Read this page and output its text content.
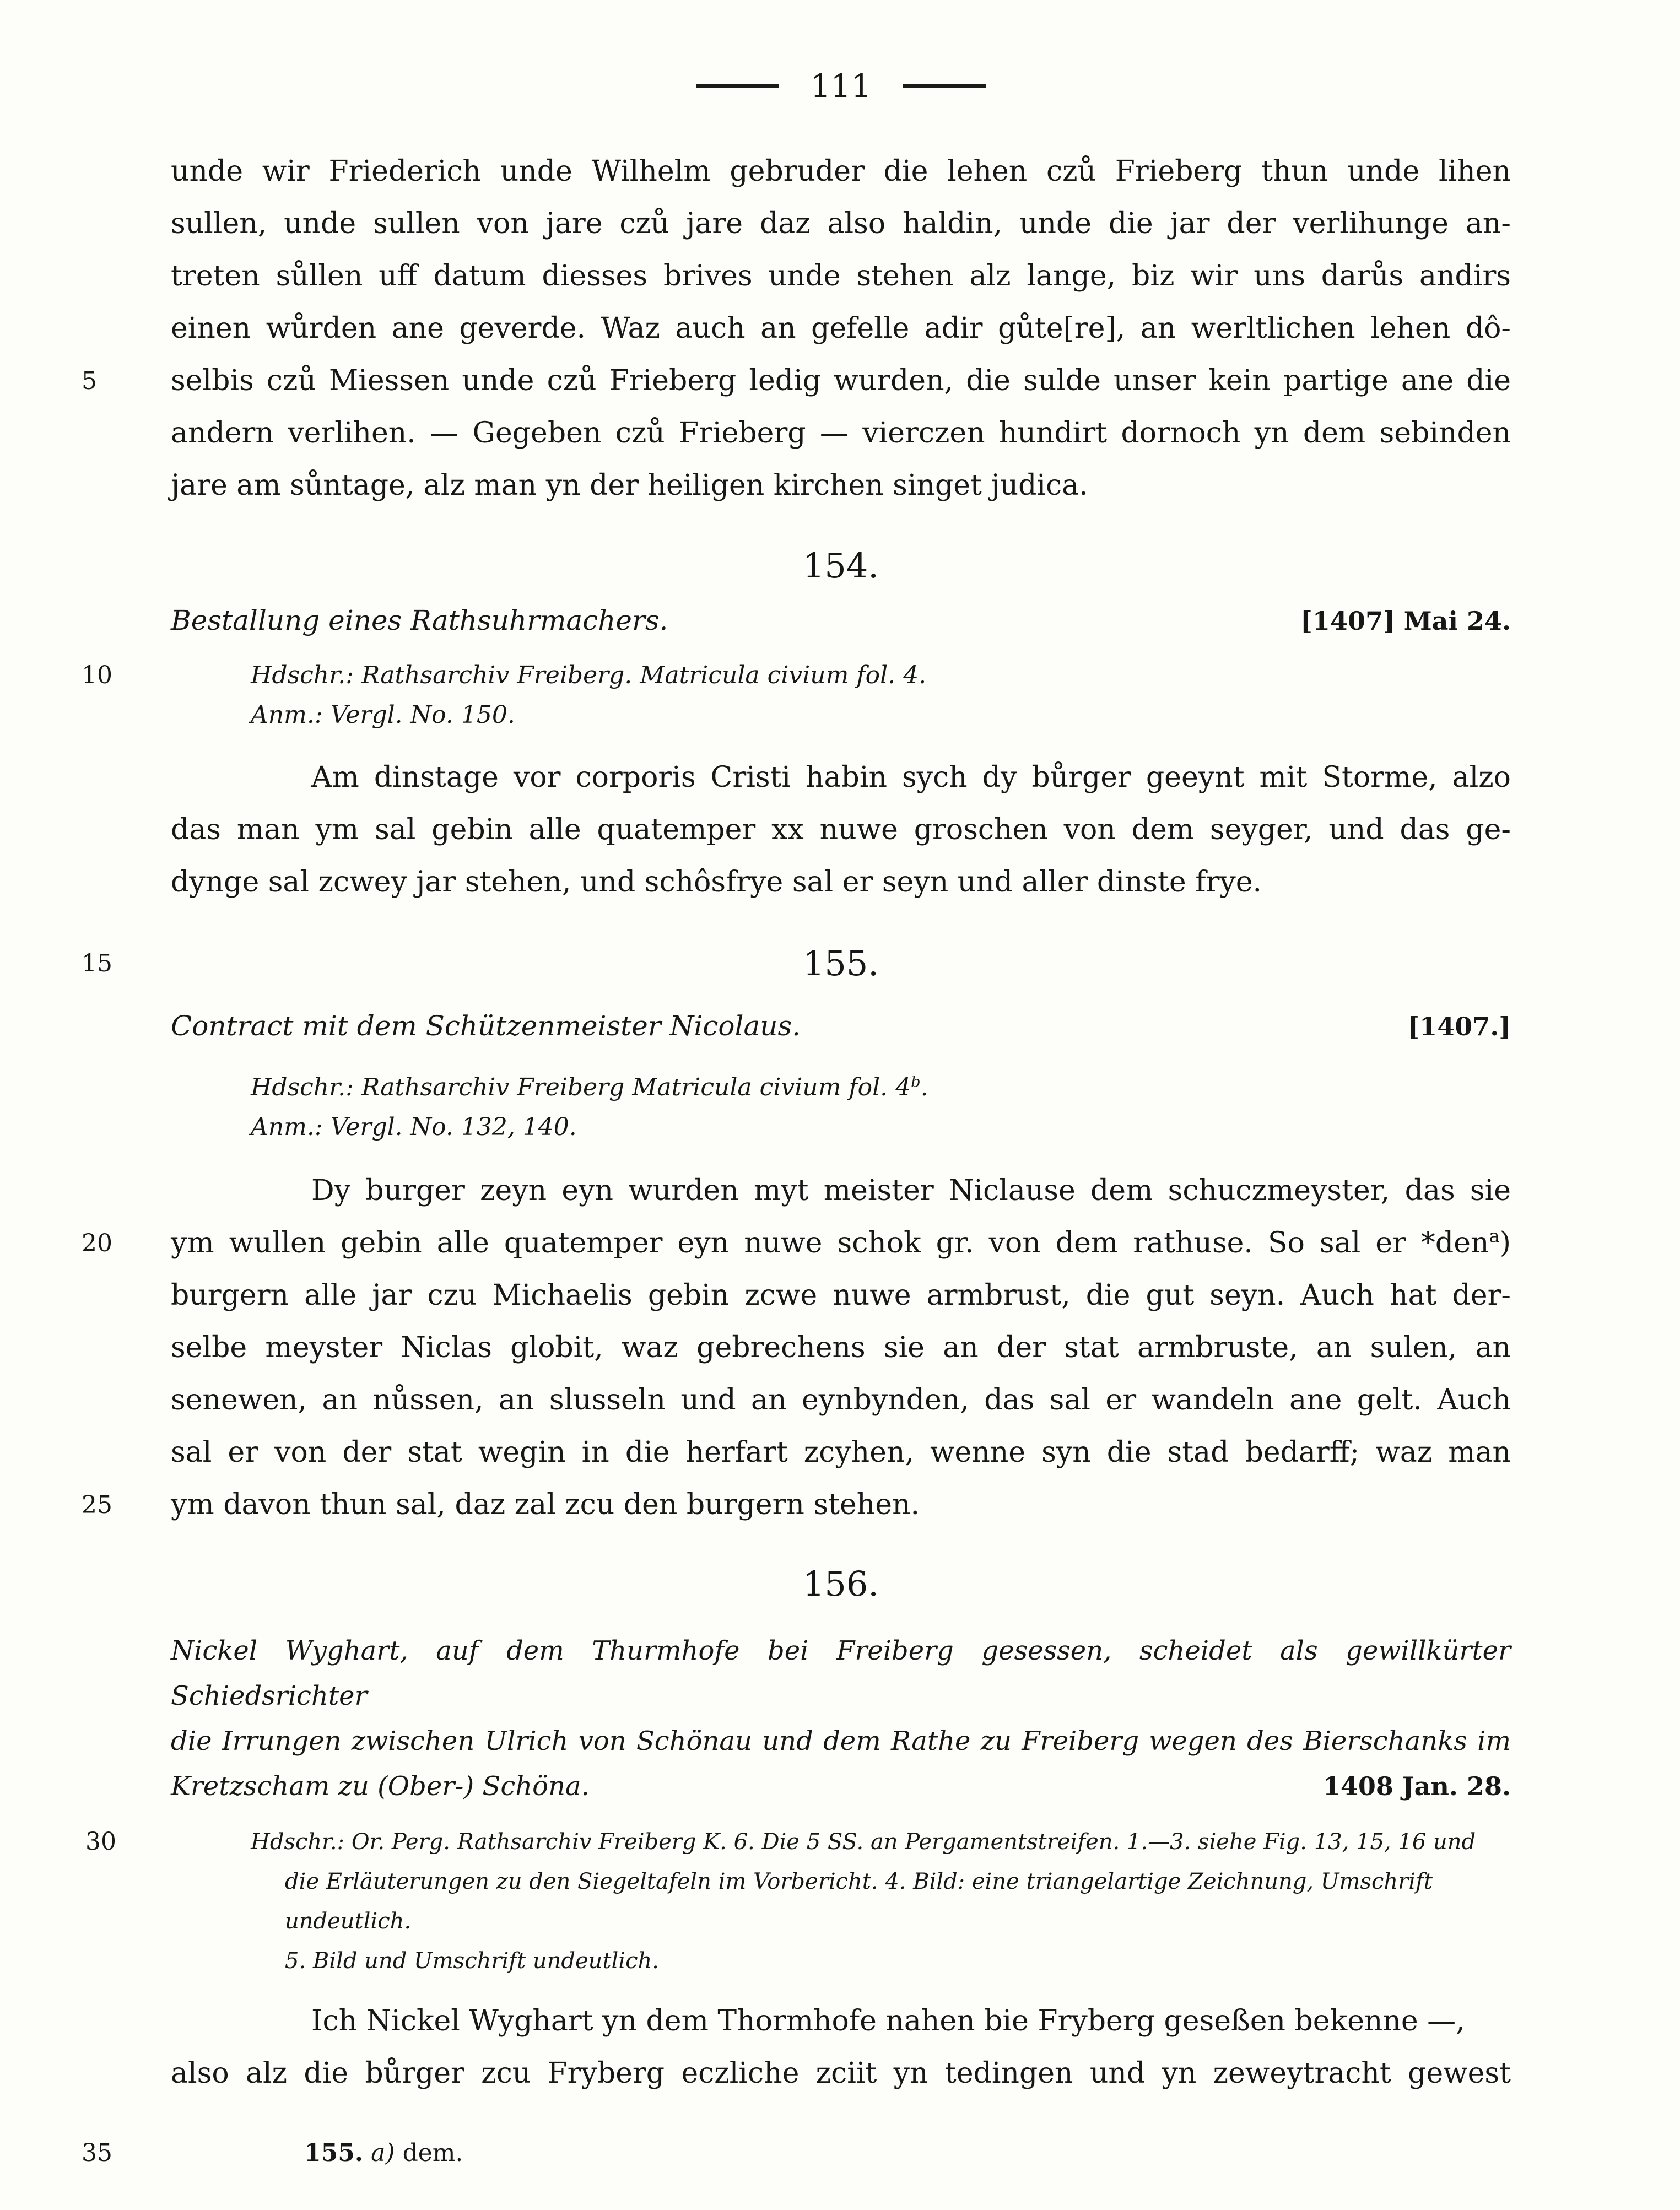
111
unde wir Friederich unde Wilhelm gebruder die lehen czů Frieberg thun unde lihen
sullen, unde sullen von jare czů jare daz also haldin, unde die jar der verlihunge an-
treten sůllen uff datum diesses brives unde stehen alz lange, biz wir uns darůs andirs
einen wůrden ane geverde. Waz auch an gefelle adir gůte[re], an werltlichen lehen dô-
5	selbis czů Miessen unde czů Frieberg ledig wurden, die sulde unser kein partige ane die
andern verlihen. — Gegeben czů Frieberg — vierczen hundirt dornoch yn dem sebinden
jare am sůntage, alz man yn der heiligen kirchen singet judica.
154.
Bestallung eines Rathsuhrmachers.	[1407] Mai 24.
10	Hdschr.: Rathsarchiv Freiberg. Matricula civium fol. 4.
Anm.: Vergl. No. 150.
Am dinstage vor corporis Cristi habin sych dy bůrger geeynt mit Storme, alzo
das man ym sal gebin alle quatemper xx nuwe groschen von dem seyger, und das ge-
dynge sal zcwey jar stehen, und schôsfrye sal er seyn und aller dinste frye.
15	155.
Contract mit dem Schützenmeister Nicolaus.	[1407.]
Hdschr.: Rathsarchiv Freiberg Matricula civium fol. 4$^b$.
Anm.: Vergl. No. 132, 140.
Dy burger zeyn eyn wurden myt meister Niclause dem schuczmeyster, das sie
20	ym wullen gebin alle quatemper eyn nuwe schok gr. von dem rathuse. So sal er *den$^a$)
burgern alle jar czu Michaelis gebin zcwe nuwe armbrust, die gut seyn. Auch hat der-
selbe meyster Niclas globit, waz gebrechens sie an der stat armbruste, an sulen, an
senewen, an nůssen, an slusseln und an eynbynden, das sal er wandeln ane gelt. Auch
sal er von der stat wegin in die herfart zcyhen, wenne syn die stad bedarff; waz man
25	ym davon thun sal, daz zal zcu den burgern stehen.
156.
Nickel Wyghart, auf dem Thurmhofe bei Freiberg gesessen, scheidet als gewillkürter Schiedsrichter
die Irrungen zwischen Ulrich von Schönau und dem Rathe zu Freiberg wegen des Bierschanks im
Kretzscham zu (Ober-) Schöna.	1408 Jan. 28.
30	Hdschr.: Or. Perg. Rathsarchiv Freiberg K. 6. Die 5 SS. an Pergamentstreifen. 1.—3. siehe Fig. 13, 15, 16 und
die Erläuterungen zu den Siegeltafeln im Vorbericht. 4. Bild: eine triangelartige Zeichnung, Umschrift undeutlich.
5. Bild und Umschrift undeutlich.
Ich Nickel Wyghart yn dem Thormhofe nahen bie Fryberg geseßen bekenne —,
also alz die bůrger zcu Fryberg eczliche zciit yn tedingen und yn zeweytracht gewest
35	155. a) dem.
